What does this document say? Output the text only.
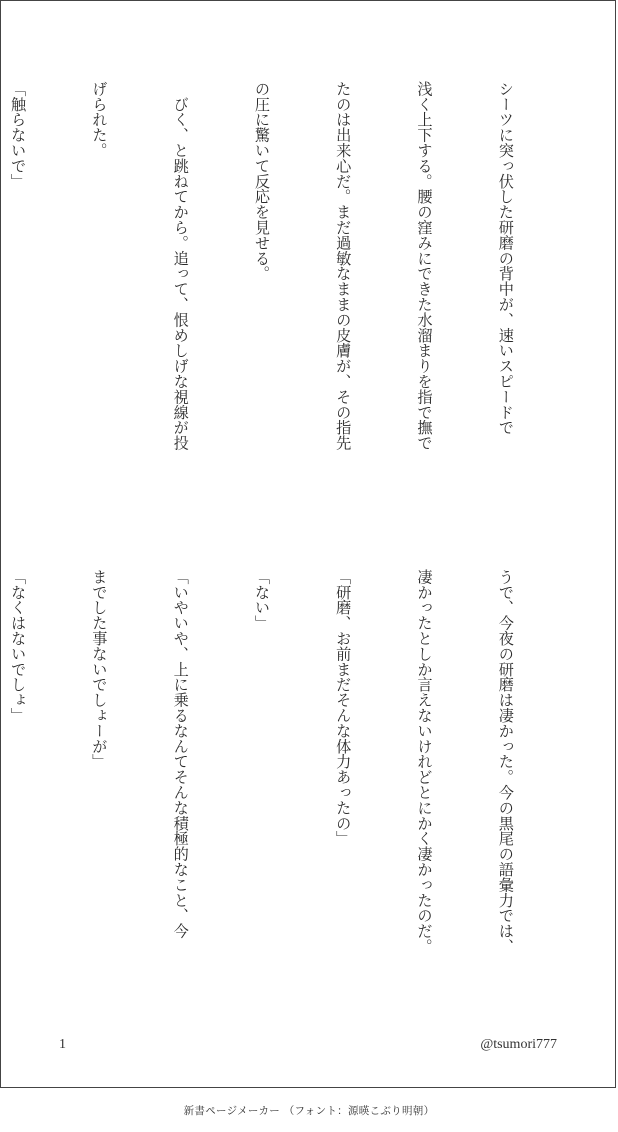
シーツに突っ伏した研磨の背中が、速いスピードで

浅く上下する。腰の窪みにできた水溜まりを指で撫で

たのは出来心だ。まだ過敏なままの皮膚が、その指先

の圧に驚いて反応を見せる。

　びく、と跳ねてから。追って、恨めしげな視線が投

げられた。

「触らないで」

うで、今夜の研磨は凄かった。今の黒尾の語彙力では、

凄かったとしか言えないけれどとにかく凄かったのだ。

「研磨、お前まだそんな体力あったの」

「ない」

「いやいや、上に乗るなんてそんな積極的なこと、今

までした事ないでしょーが」

「なくはないでしょ」

1	@tsumori777
新書ページメーカー （フォント：源暎こぶり明朝）
